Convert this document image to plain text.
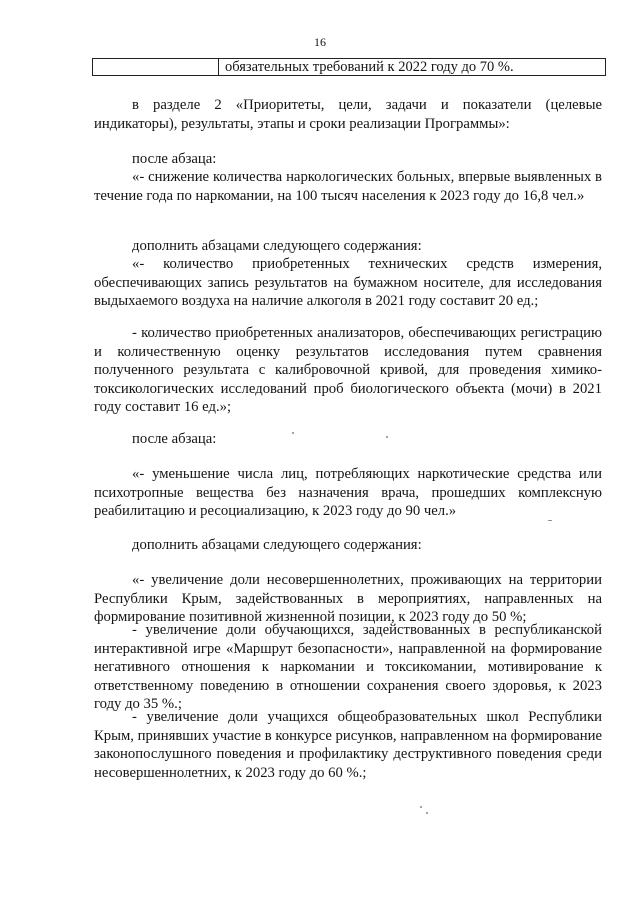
16
обязательных требований к 2022 году до 70 %.

в разделе 2 «Приоритеты, цели, задачи и показатели (целевые индикаторы), результаты, этапы и сроки реализации Программы»:

после абзаца:

«- снижение количества наркологических больных, впервые выявленных в течение года по наркомании, на 100 тысяч населения к 2023 году до 16,8 чел.»

дополнить абзацами следующего содержания:

«- количество приобретенных технических средств измерения, обеспечивающих запись результатов на бумажном носителе, для исследования выдыхаемого воздуха на наличие алкоголя в 2021 году составит 20 ед.;

- количество приобретенных анализаторов, обеспечивающих регистрацию и количественную оценку результатов исследования путем сравнения полученного результата с калибровочной кривой, для проведения химико-токсикологических исследований проб биологического объекта (мочи) в 2021 году составит 16 ед.»;

после абзаца:

«- уменьшение числа лиц, потребляющих наркотические средства или психотропные вещества без назначения врача, прошедших комплексную реабилитацию и ресоциализацию, к 2023 году до 90 чел.»

дополнить абзацами следующего содержания:

«- увеличение доли несовершеннолетних, проживающих на территории Республики Крым, задействованных в мероприятиях, направленных на формирование позитивной жизненной позиции, к 2023 году до 50 %;

- увеличение доли обучающихся, задействованных в республиканской интерактивной игре «Маршрут безопасности», направленной на формирование негативного отношения к наркомании и токсикомании, мотивирование к ответственному поведению в отношении сохранения своего здоровья, к 2023 году до 35 %.;

- увеличение доли учащихся общеобразовательных школ Республики Крым, принявших участие в конкурсе рисунков, направленном на формирование законопослушного поведения и профилактику деструктивного поведения среди несовершеннолетних, к 2023 году до 60 %.;
